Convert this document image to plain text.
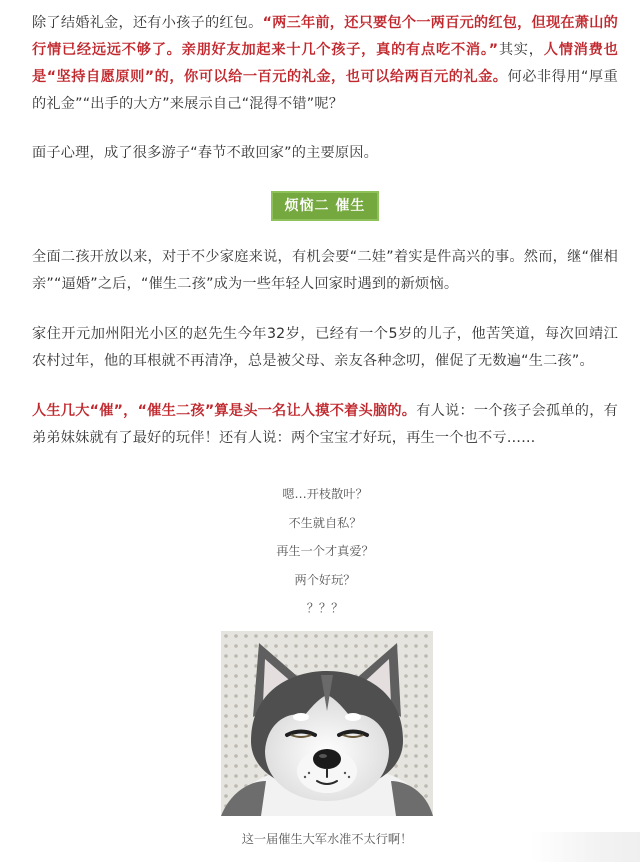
除了结婚礼金，还有小孩子的红包。“两三年前，还只要包个一两百元的红包，但现在萧山的行情已经远远不够了。亲朋好友加起来十几个孩子，真的有点吃不消。”其实，人情消费也是“坚持自愿原则”的，你可以给一百元的礼金，也可以给两百元的礼金。何必非得用“厚重的礼金”“出手的大方”来展示自己“混得不错”呢？

面子心理，成了很多游子“春节不敢回家”的主要原因。

烦恼二 催生

全面二孩开放以来，对于不少家庭来说，有机会要“二娃”着实是件高兴的事。然而，继“催相亲”“逼婚”之后，“催生二孩”成为一些年轻人回家时遇到的新烦恼。

家住开元加州阳光小区的赵先生今年32岁，已经有一个5岁的儿子，他苦笑道，每次回靖江农村过年，他的耳根就不再清净，总是被父母、亲友各种念叨，催促了无数遍“生二孩”。

人生几大“催”，“催生二孩”算是头一名让人摸不着头脑的。有人说：一个孩子会孤单的，有弟弟妹妹就有了最好的玩伴！还有人说：两个宝宝才好玩，再生一个也不亏……

嗯…开枝散叶？

不生就自私？

再生一个才真爱？

两个好玩？

？？？

这一届催生大军水准不太行啊！
